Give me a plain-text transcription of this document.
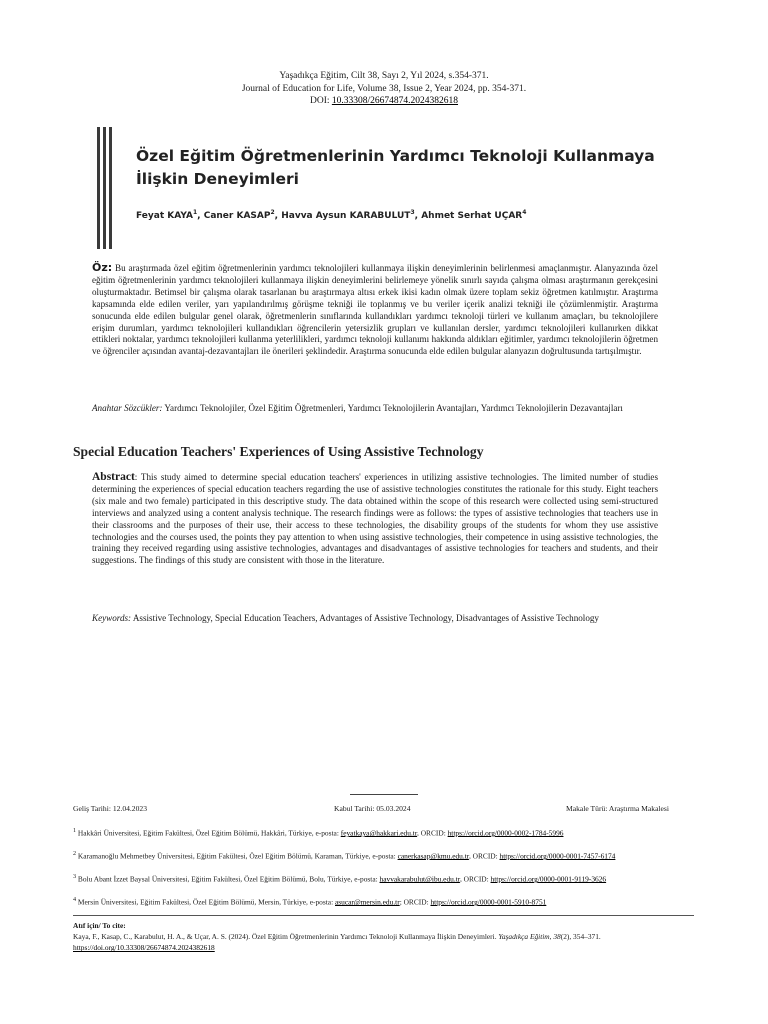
Yaşadıkça Eğitim, Cilt 38, Sayı 2, Yıl 2024, s.354-371.
Journal of Education for Life, Volume 38, Issue 2, Year 2024, pp. 354-371.
DOI: 10.33308/26674874.2024382618
Özel Eğitim Öğretmenlerinin Yardımcı Teknoloji Kullanmaya İlişkin Deneyimleri
Feyat KAYA$^1$, Caner KASAP$^2$, Havva Aysun KARABULUT$^3$, Ahmet Serhat UÇAR$^4$
Öz: Bu araştırmada özel eğitim öğretmenlerinin yardımcı teknolojileri kullanmaya ilişkin deneyimlerinin belirlenmesi amaçlanmıştır. Alanyazında özel eğitim öğretmenlerinin yardımcı teknolojileri kullanmaya ilişkin deneyimlerini belirlemeye yönelik sınırlı sayıda çalışma olması araştırmanın gerekçesini oluşturmaktadır. Betimsel bir çalışma olarak tasarlanan bu araştırmaya altısı erkek ikisi kadın olmak üzere toplam sekiz öğretmen katılmıştır. Araştırma kapsamında elde edilen veriler, yarı yapılandırılmış görüşme tekniği ile toplanmış ve bu veriler içerik analizi tekniği ile çözümlenmiştir. Araştırma sonucunda elde edilen bulgular genel olarak, öğretmenlerin sınıflarında kullandıkları yardımcı teknoloji türleri ve kullanım amaçları, bu teknolojilere erişim durumları, yardımcı teknolojileri kullandıkları öğrencilerin yetersizlik grupları ve kullanılan dersler, yardımcı teknolojileri kullanırken dikkat ettikleri noktalar, yardımcı teknolojileri kullanma yeterlilikleri, yardımcı teknoloji kullanımı hakkında aldıkları eğitimler, yardımcı teknolojilerin öğretmen ve öğrenciler açısından avantaj-dezavantajları ile önerileri şeklindedir. Araştırma sonucunda elde edilen bulgular alanyazın doğrultusunda tartışılmıştır.
Anahtar Sözcükler: Yardımcı Teknolojiler, Özel Eğitim Öğretmenleri, Yardımcı Teknolojilerin Avantajları, Yardımcı Teknolojilerin Dezavantajları
Special Education Teachers' Experiences of Using Assistive Technology
Abstract: This study aimed to determine special education teachers' experiences in utilizing assistive technologies. The limited number of studies determining the experiences of special education teachers regarding the use of assistive technologies constitutes the rationale for this study. Eight teachers (six male and two female) participated in this descriptive study. The data obtained within the scope of this research were collected using semi-structured interviews and analyzed using a content analysis technique. The research findings were as follows: the types of assistive technologies that teachers use in their classrooms and the purposes of their use, their access to these technologies, the disability groups of the students for whom they use assistive technologies and the courses used, the points they pay attention to when using assistive technologies, their competence in using assistive technologies, the training they received regarding using assistive technologies, advantages and disadvantages of assistive technologies for teachers and students, and their suggestions. The findings of this study are consistent with those in the literature.
Keywords: Assistive Technology, Special Education Teachers, Advantages of Assistive Technology, Disadvantages of Assistive Technology
Geliş Tarihi: 12.04.2023	Kabul Tarihi: 05.03.2024	Makale Türü: Araştırma Makalesi
$^1$ Hakkâri Üniversitesi, Eğitim Fakültesi, Özel Eğitim Bölümü, Hakkâri, Türkiye, e-posta: feyatkaya@hakkari.edu.tr, ORCID: https://orcid.org/0000-0002-1784-5996
$^2$ Karamanoğlu Mehmetbey Üniversitesi, Eğitim Fakültesi, Özel Eğitim Bölümü, Karaman, Türkiye, e-posta: canerkasap@kmu.edu.tr, ORCID: https://orcid.org/0000-0001-7457-6174
$^3$ Bolu Abant İzzet Baysal Üniversitesi, Eğitim Fakültesi, Özel Eğitim Bölümü, Bolu, Türkiye, e-posta: havvakarabulut@ibu.edu.tr, ORCID: https://orcid.org/0000-0001-9119-3626
$^4$ Mersin Üniversitesi, Eğitim Fakültesi, Özel Eğitim Bölümü, Mersin, Türkiye, e-posta: asucar@mersin.edu.tr; ORCID: https://orcid.org/0000-0001-5910-8751
Atıf için/ To cite:
Kaya, F., Kasap, C., Karabulut, H. A., & Uçar, A. S. (2024). Özel Eğitim Öğretmenlerinin Yardımcı Teknoloji Kullanmaya İlişkin Deneyimleri. Yaşadıkça Eğitim, 38(2), 354–371. https://doi.org/10.33308/26674874.2024382618
